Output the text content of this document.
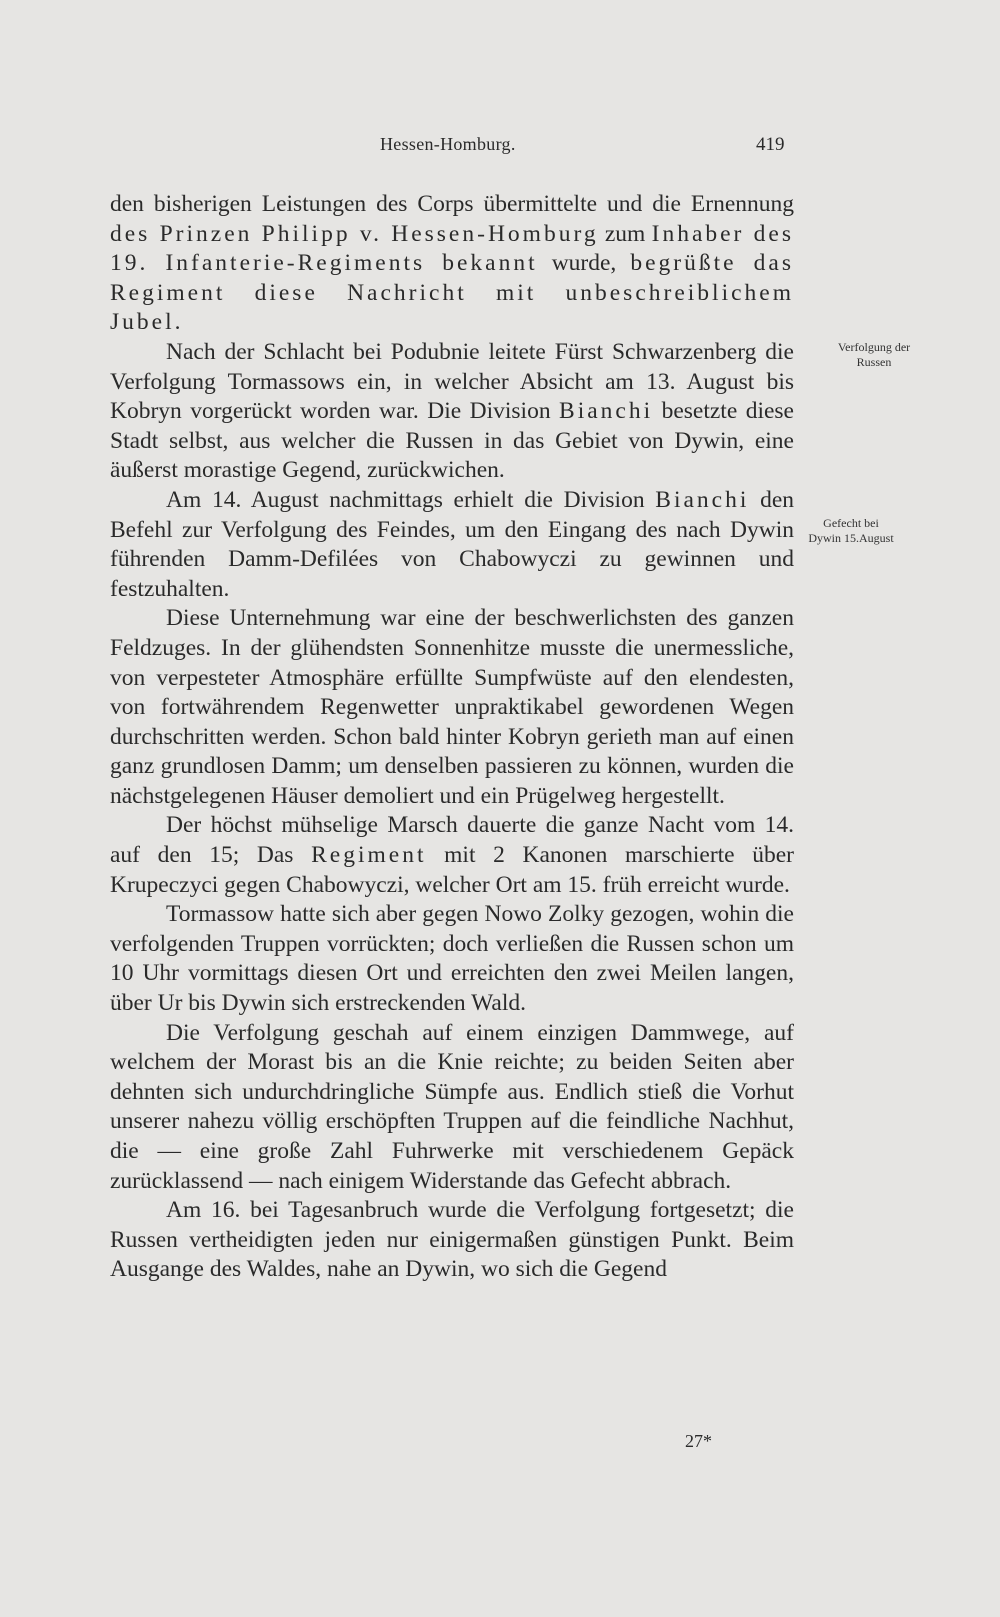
Hessen-Homburg.	419

den bisherigen Leistungen des Corps übermittelte und die Ernennung des Prinzen Philipp v. Hessen-Homburg zum Inhaber des 19. Infanterie-Regiments bekannt wurde, begrüßte das Regiment diese Nachricht mit unbeschreiblichem Jubel.

Nach der Schlacht bei Podubnie leitete Fürst Schwarzenberg die Verfolgung Tormassows ein, in welcher Absicht am 13. August bis Kobryn vorgerückt worden war. Die Division Bianchi besetzte diese Stadt selbst, aus welcher die Russen in das Gebiet von Dywin, eine äußerst morastige Gegend, zurückwichen.

Am 14. August nachmittags erhielt die Division Bianchi den Befehl zur Verfolgung des Feindes, um den Eingang des nach Dywin führenden Damm-Defilées von Chabowyczi zu gewinnen und festzuhalten.

Diese Unternehmung war eine der beschwerlichsten des ganzen Feldzuges. In der glühendsten Sonnenhitze musste die unermessliche, von verpesteter Atmosphäre erfüllte Sumpfwüste auf den elendesten, von fortwährendem Regenwetter unpraktikabel gewordenen Wegen durchschritten werden. Schon bald hinter Kobryn gerieth man auf einen ganz grundlosen Damm; um denselben passieren zu können, wurden die nächstgelegenen Häuser demoliert und ein Prügelweg hergestellt.

Der höchst mühselige Marsch dauerte die ganze Nacht vom 14. auf den 15; Das Regiment mit 2 Kanonen marschierte über Krupeczyci gegen Chabowyczi, welcher Ort am 15. früh erreicht wurde.

Tormassow hatte sich aber gegen Nowo Zolky gezogen, wohin die verfolgenden Truppen vorrückten; doch verließen die Russen schon um 10 Uhr vormittags diesen Ort und erreichten den zwei Meilen langen, über Ur bis Dywin sich erstreckenden Wald.

Die Verfolgung geschah auf einem einzigen Dammwege, auf welchem der Morast bis an die Knie reichte; zu beiden Seiten aber dehnten sich undurchdringliche Sümpfe aus. Endlich stieß die Vorhut unserer nahezu völlig erschöpften Truppen auf die feindliche Nachhut, die — eine große Zahl Fuhrwerke mit verschiedenem Gepäck zurücklassend — nach einigem Widerstande das Gefecht abbrach.

Am 16. bei Tagesanbruch wurde die Verfolgung fortgesetzt; die Russen vertheidigten jeden nur einigermaßen günstigen Punkt. Beim Ausgange des Waldes, nahe an Dywin, wo sich die Gegend

Verfolgung der
Russen
Gefecht bei
Dywin 15.August
27*
